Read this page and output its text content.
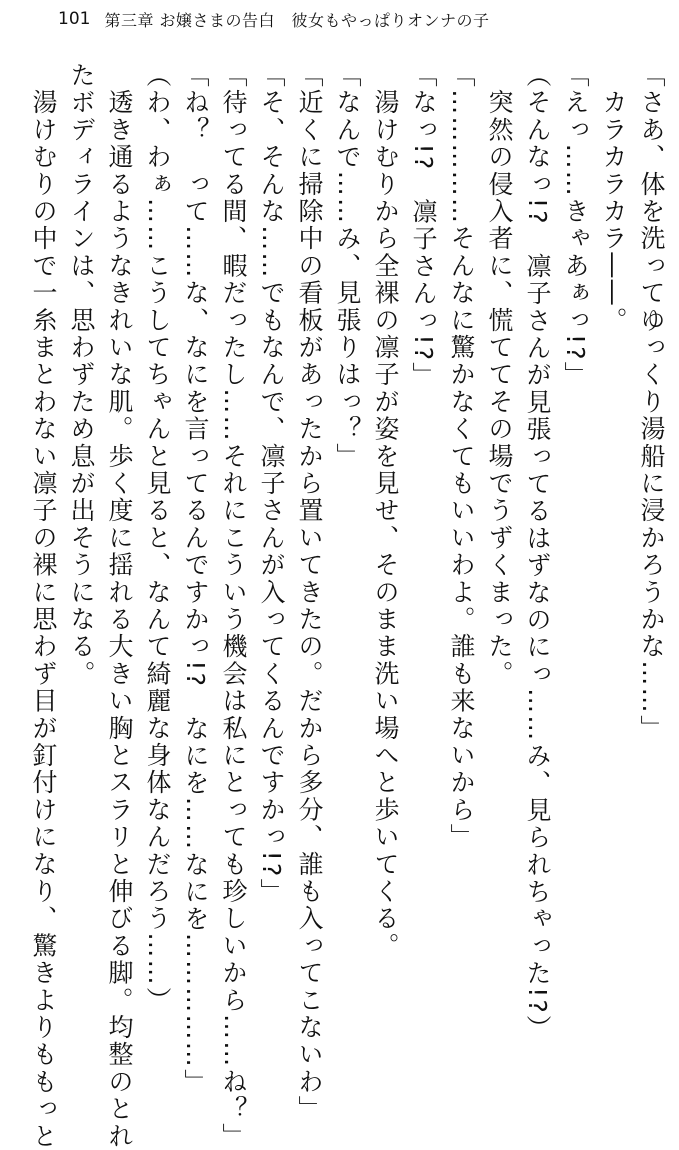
101 第三章 お嬢さまの告白　彼女もやっぱりオンナの子
「さあ、体を洗ってゆっくり湯船に浸かろうかな……」
　カラカラカラ――。
「えっ……きゃあぁっ!?」
（そんなっ!?　凛子さんが見張ってるはずなのにっ……み、見られちゃった!?）
　突然の侵入者に、慌ててその場でうずくまった。
「……………そんなに驚かなくてもいいわよ。誰も来ないから」
「なっ!?　凛子さんっ!?」
　湯けむりから全裸の凛子が姿を見せ、そのまま洗い場へと歩いてくる。
「なんで……み、見張りはっ？」
「近くに掃除中の看板があったから置いてきたの。だから多分、誰も入ってこないわ」
「そ、そんな……でもなんで、凛子さんが入ってくるんですかっ!?」
「待ってる間、暇だったし……それにこういう機会は私にとっても珍しいから……ね？」
「ね？　って……な、なにを言ってるんですかっ!?　なにを……なにを……………」
（わ、わぁ……こうしてちゃんと見ると、なんて綺麗な身体なんだろう……）
　透き通るようなきれいな肌。歩く度に揺れる大きい胸とスラリと伸びる脚。均整のとれ
たボディラインは、思わずため息が出そうになる。
　湯けむりの中で一糸まとわない凛子の裸に思わず目が釘付けになり、驚きよりももっと
